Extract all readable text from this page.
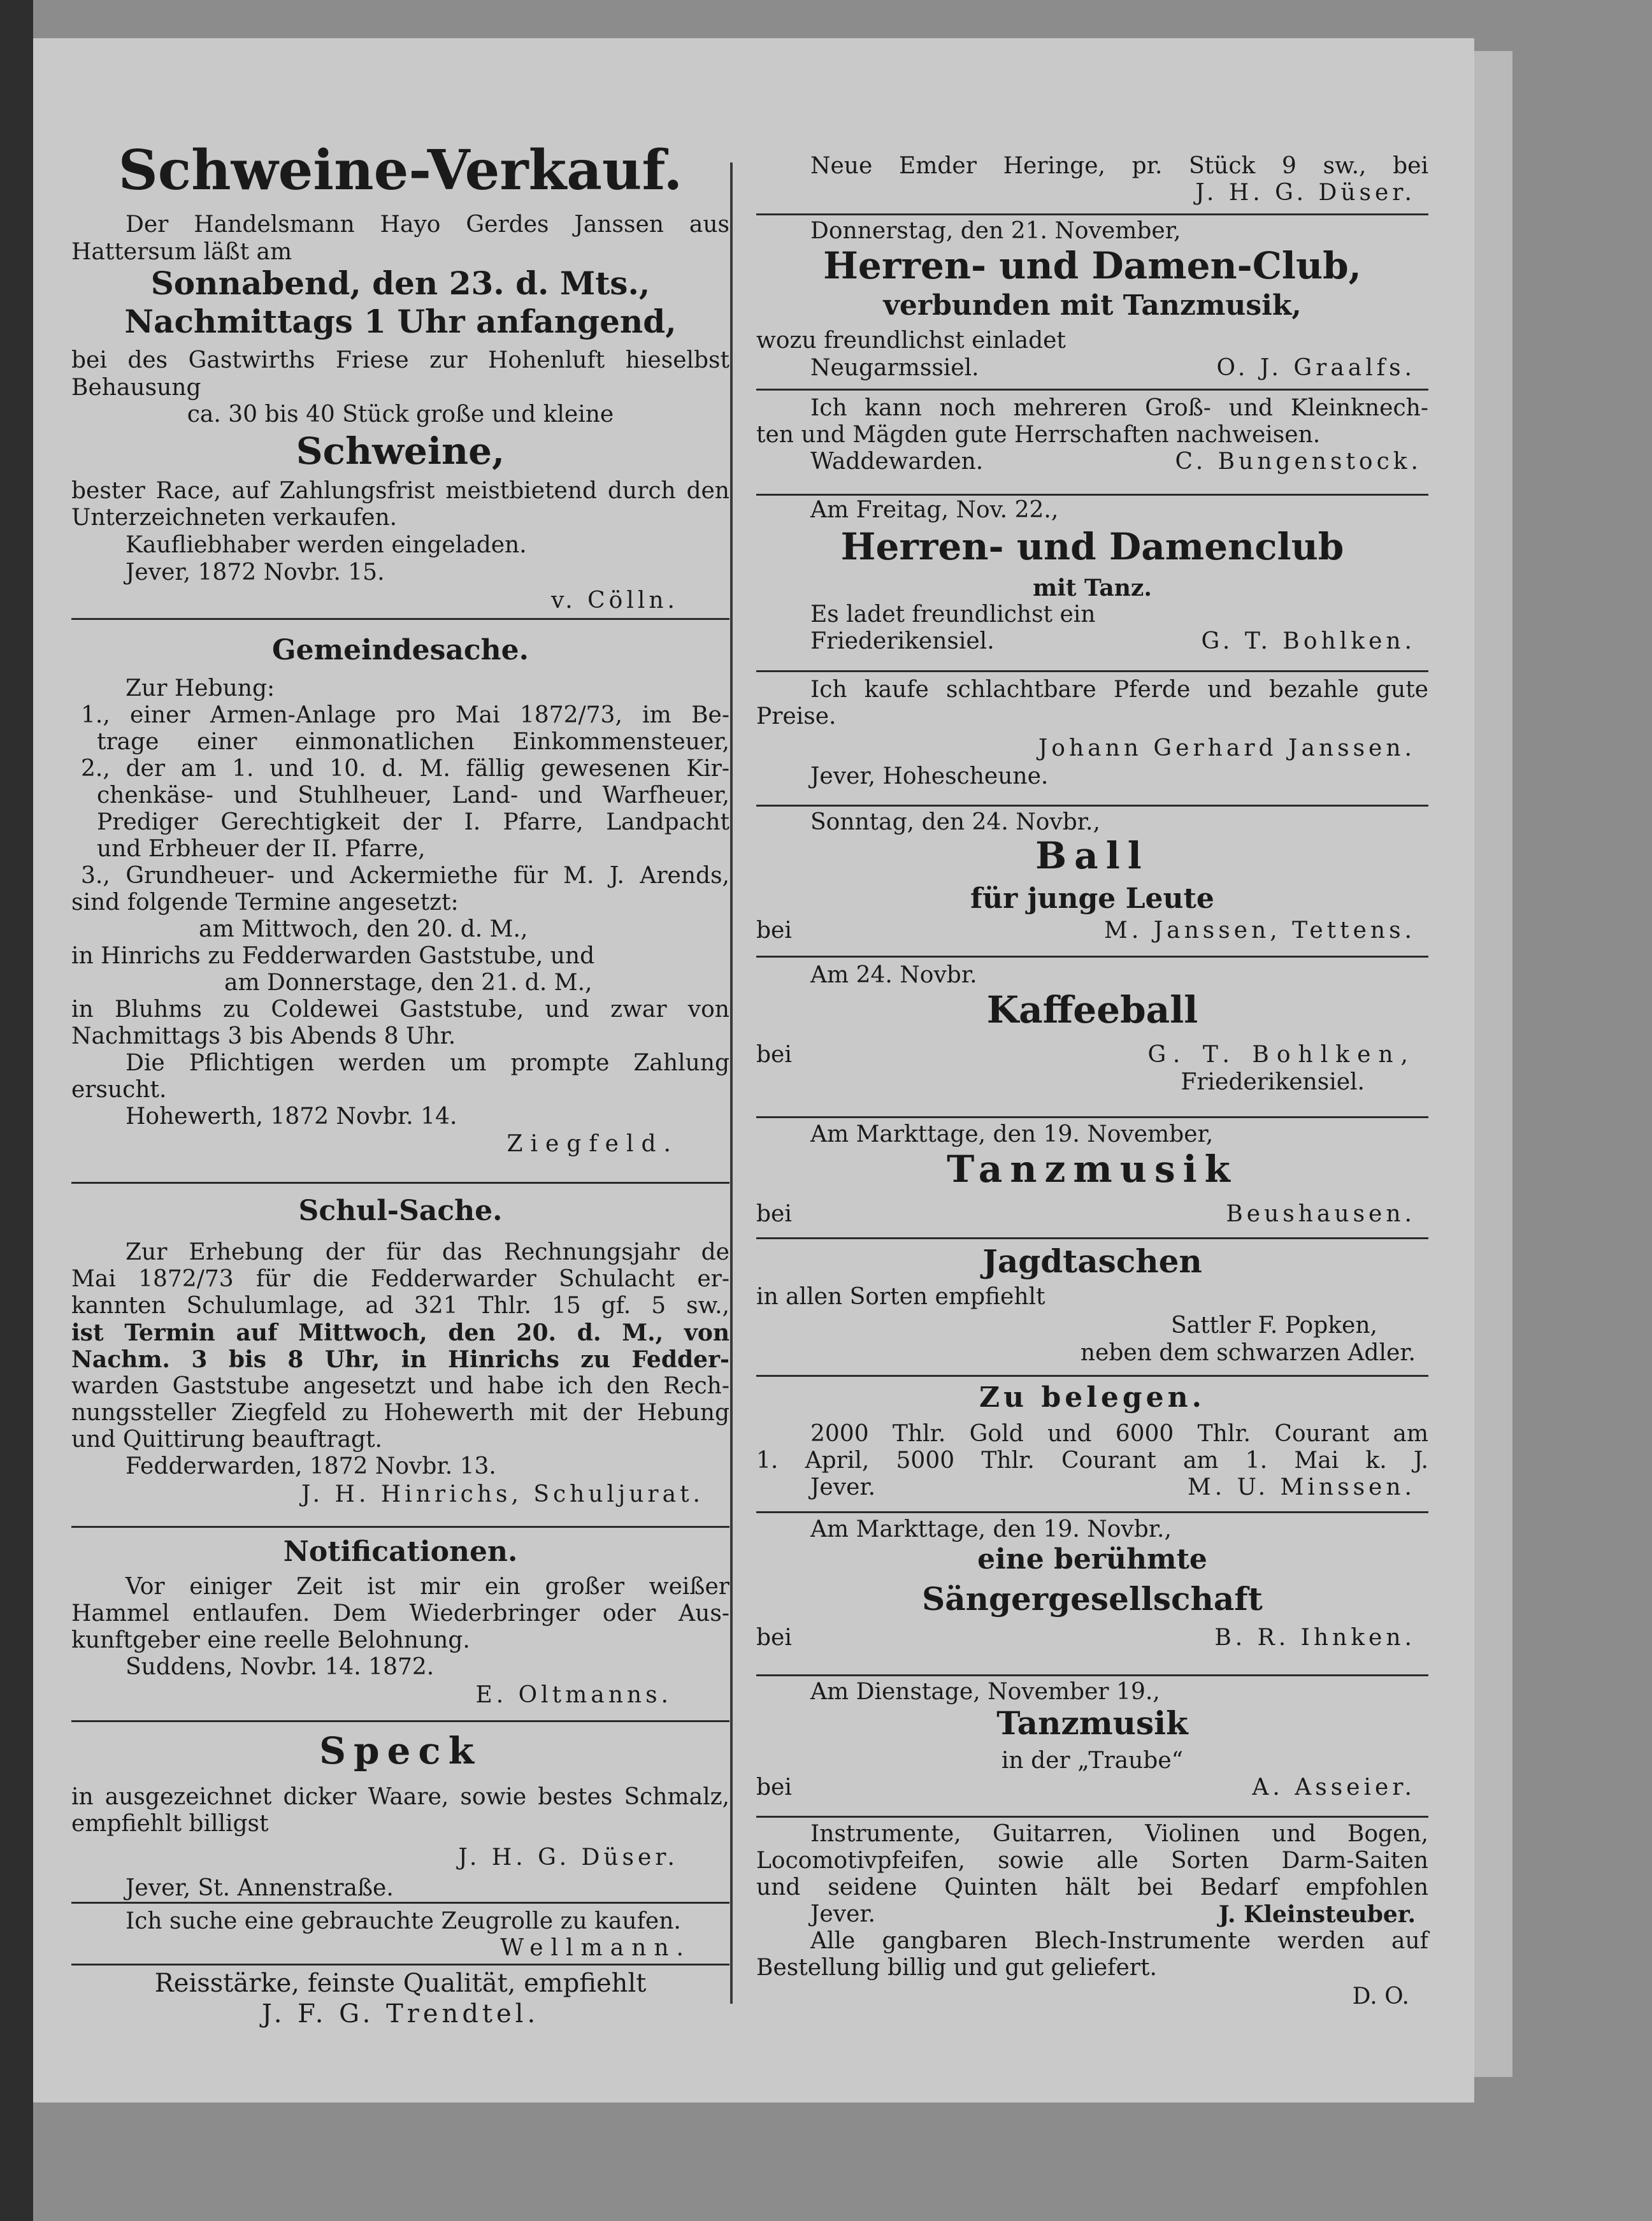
Schweine-Verkauf.
Der Handelsmann Hayo Gerdes Janssen aus
Hattersum läßt am
Sonnabend, den 23. d. Mts.,
Nachmittags 1 Uhr anfangend,
bei des Gastwirths Friese zur Hohenluft hieselbst
Behausung
ca. 30 bis 40 Stück große und kleine
Schweine,
bester Race, auf Zahlungsfrist meistbietend durch den
Unterzeichneten verkaufen.
Kaufliebhaber werden eingeladen.
Jever, 1872 Novbr. 15.
v. Cölln.
Gemeindesache.
Zur Hebung:
1., einer Armen-Anlage pro Mai 1872/73, im Be-
trage einer einmonatlichen Einkommensteuer,
2., der am 1. und 10. d. M. fällig gewesenen Kir-
chenkäse- und Stuhlheuer, Land- und Warfheuer,
Prediger Gerechtigkeit der I. Pfarre, Landpacht
und Erbheuer der II. Pfarre,
3., Grundheuer- und Ackermiethe für M. J. Arends,
sind folgende Termine angesetzt:
am Mittwoch, den 20. d. M.,
in Hinrichs zu Fedderwarden Gaststube, und
am Donnerstage, den 21. d. M.,
in Bluhms zu Coldewei Gaststube, und zwar von
Nachmittags 3 bis Abends 8 Uhr.
Die Pflichtigen werden um prompte Zahlung
ersucht.
Hohewerth, 1872 Novbr. 14.
Ziegfeld.
Schul-Sache.
Zur Erhebung der für das Rechnungsjahr de
Mai 1872/73 für die Fedderwarder Schulacht er-
kannten Schulumlage, ad 321 Thlr. 15 gf. 5 sw.,
ist Termin auf Mittwoch, den 20. d. M., von
Nachm. 3 bis 8 Uhr, in Hinrichs zu Fedder-
warden Gaststube angesetzt und habe ich den Rech-
nungssteller Ziegfeld zu Hohewerth mit der Hebung
und Quittirung beauftragt.
Fedderwarden, 1872 Novbr. 13.
J. H. Hinrichs, Schuljurat.
Notificationen.
Vor einiger Zeit ist mir ein großer weißer
Hammel entlaufen. Dem Wiederbringer oder Aus-
kunftgeber eine reelle Belohnung.
Suddens, Novbr. 14. 1872.
E. Oltmanns.
Speck
in ausgezeichnet dicker Waare, sowie bestes Schmalz,
empfiehlt billigst
J. H. G. Düser.
Jever, St. Annenstraße.
Ich suche eine gebrauchte Zeugrolle zu kaufen.
Wellmann.
Reisstärke, feinste Qualität, empfiehlt
J. F. G. Trendtel.
Neue Emder Heringe, pr. Stück 9 sw., bei
J. H. G. Düser.
Donnerstag, den 21. November,
Herren- und Damen-Club,
verbunden mit Tanzmusik,
wozu freundlichst einladet
Neugarmssiel.	O. J. Graalfs.
Ich kann noch mehreren Groß- und Kleinknech-
ten und Mägden gute Herrschaften nachweisen.
Waddewarden.	C. Bungenstock.
Am Freitag, Nov. 22.,
Herren- und Damenclub
mit Tanz.
Es ladet freundlichst ein
Friederikensiel.	G. T. Bohlken.
Ich kaufe schlachtbare Pferde und bezahle gute
Preise.
Johann Gerhard Janssen.
Jever, Hohescheune.
Sonntag, den 24. Novbr.,
Ball
für junge Leute
bei	M. Janssen, Tettens.
Am 24. Novbr.
Kaffeeball
bei	G. T. Bohlken,
Friederikensiel.
Am Markttage, den 19. November,
Tanzmusik
bei	Beushausen.
Jagdtaschen
in allen Sorten empfiehlt
Sattler F. Popken,
neben dem schwarzen Adler.
Zu belegen.
2000 Thlr. Gold und 6000 Thlr. Courant am
1. April, 5000 Thlr. Courant am 1. Mai k. J.
Jever.	M. U. Minssen.
Am Markttage, den 19. Novbr.,
eine berühmte
Sängergesellschaft
bei	B. R. Ihnken.
Am Dienstage, November 19.,
Tanzmusik
in der „Traube“
bei	A. Asseier.
Instrumente, Guitarren, Violinen und Bogen,
Locomotivpfeifen, sowie alle Sorten Darm-Saiten
und seidene Quinten hält bei Bedarf empfohlen
Jever.	J. Kleinsteuber.
Alle gangbaren Blech-Instrumente werden auf
Bestellung billig und gut geliefert.
D. O.
